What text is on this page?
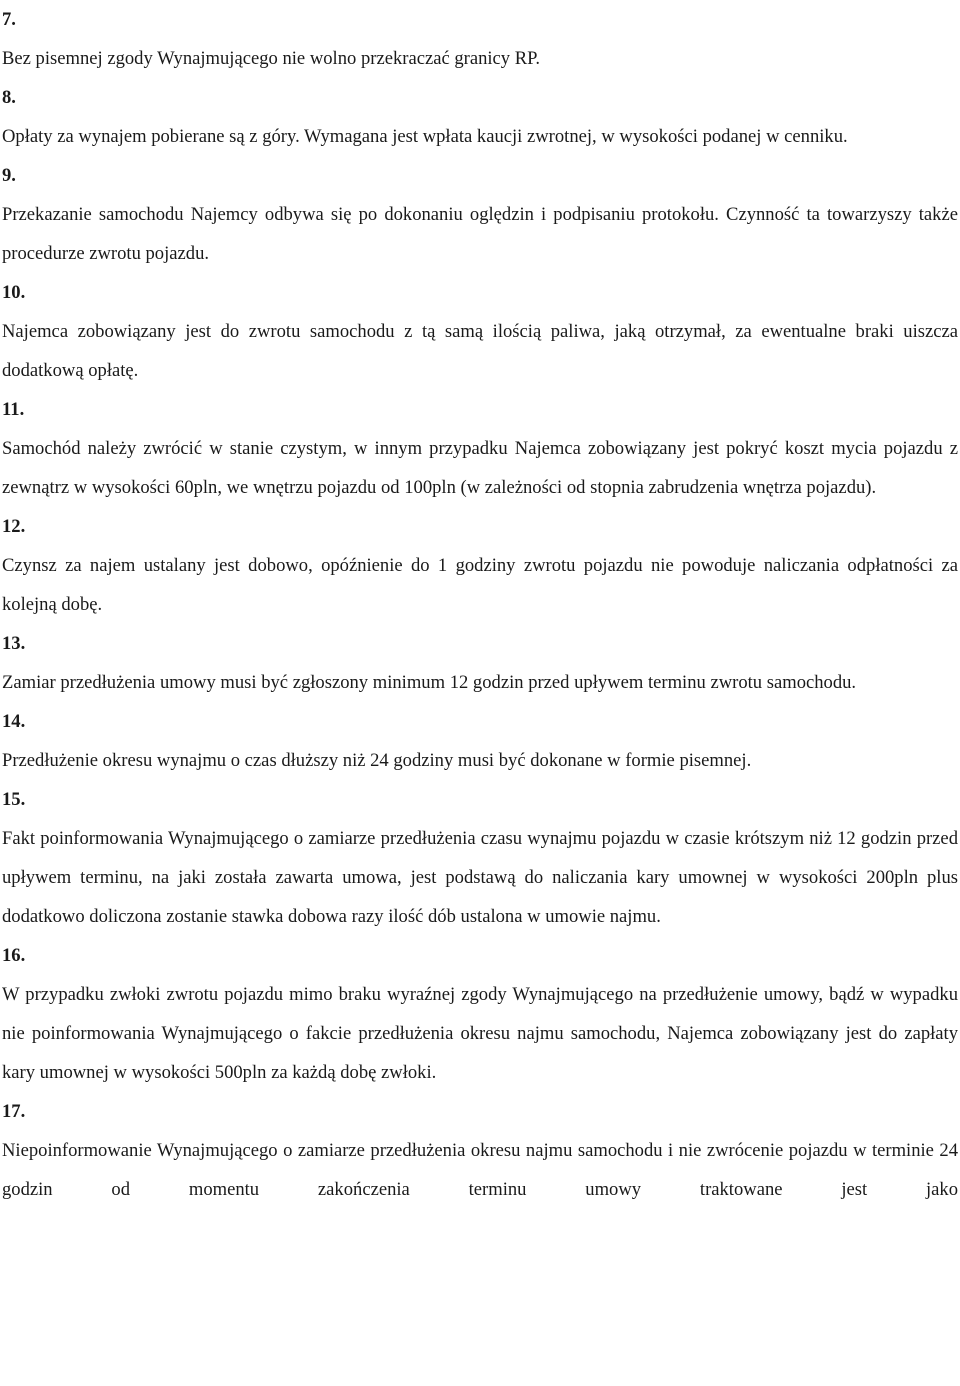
7.

Bez pisemnej zgody Wynajmującego nie wolno przekraczać granicy RP.

8.

Opłaty za wynajem pobierane są z góry. Wymagana jest wpłata kaucji zwrotnej, w wysokości podanej w cenniku.

9.

Przekazanie samochodu Najemcy odbywa się po dokonaniu oględzin i podpisaniu protokołu. Czynność ta towarzyszy także procedurze zwrotu pojazdu.

10.

Najemca zobowiązany jest do zwrotu samochodu z tą samą ilością paliwa, jaką otrzymał, za ewentualne braki uiszcza dodatkową opłatę.

11.

Samochód należy zwrócić w stanie czystym, w innym przypadku Najemca zobowiązany jest pokryć koszt mycia pojazdu z zewnątrz w wysokości 60pln, we wnętrzu pojazdu od 100pln (w zależności od stopnia zabrudzenia wnętrza pojazdu).

12.

Czynsz za najem ustalany jest dobowo, opóźnienie do 1 godziny zwrotu pojazdu nie powoduje naliczania odpłatności za kolejną dobę.

13.

Zamiar przedłużenia umowy musi być zgłoszony minimum 12 godzin przed upływem terminu zwrotu samochodu.

14.

Przedłużenie okresu wynajmu o czas dłuższy niż 24 godziny musi być dokonane w formie pisemnej.

15.

Fakt poinformowania Wynajmującego o zamiarze przedłużenia czasu wynajmu pojazdu w czasie krótszym niż 12 godzin przed upływem terminu, na jaki została zawarta umowa, jest podstawą do naliczania kary umownej w wysokości 200pln plus dodatkowo doliczona zostanie stawka dobowa razy ilość dób ustalona w umowie najmu.

16.

W przypadku zwłoki zwrotu pojazdu mimo braku wyraźnej zgody Wynajmującego na przedłużenie umowy, bądź w wypadku nie poinformowania Wynajmującego o fakcie przedłużenia okresu najmu samochodu, Najemca zobowiązany jest do zapłaty kary umownej w wysokości 500pln za każdą dobę zwłoki.

17.

Niepoinformowanie Wynajmującego o zamiarze przedłużenia okresu najmu samochodu i nie zwrócenie pojazdu w terminie 24 godzin od momentu zakończenia terminu umowy traktowane jest jako
